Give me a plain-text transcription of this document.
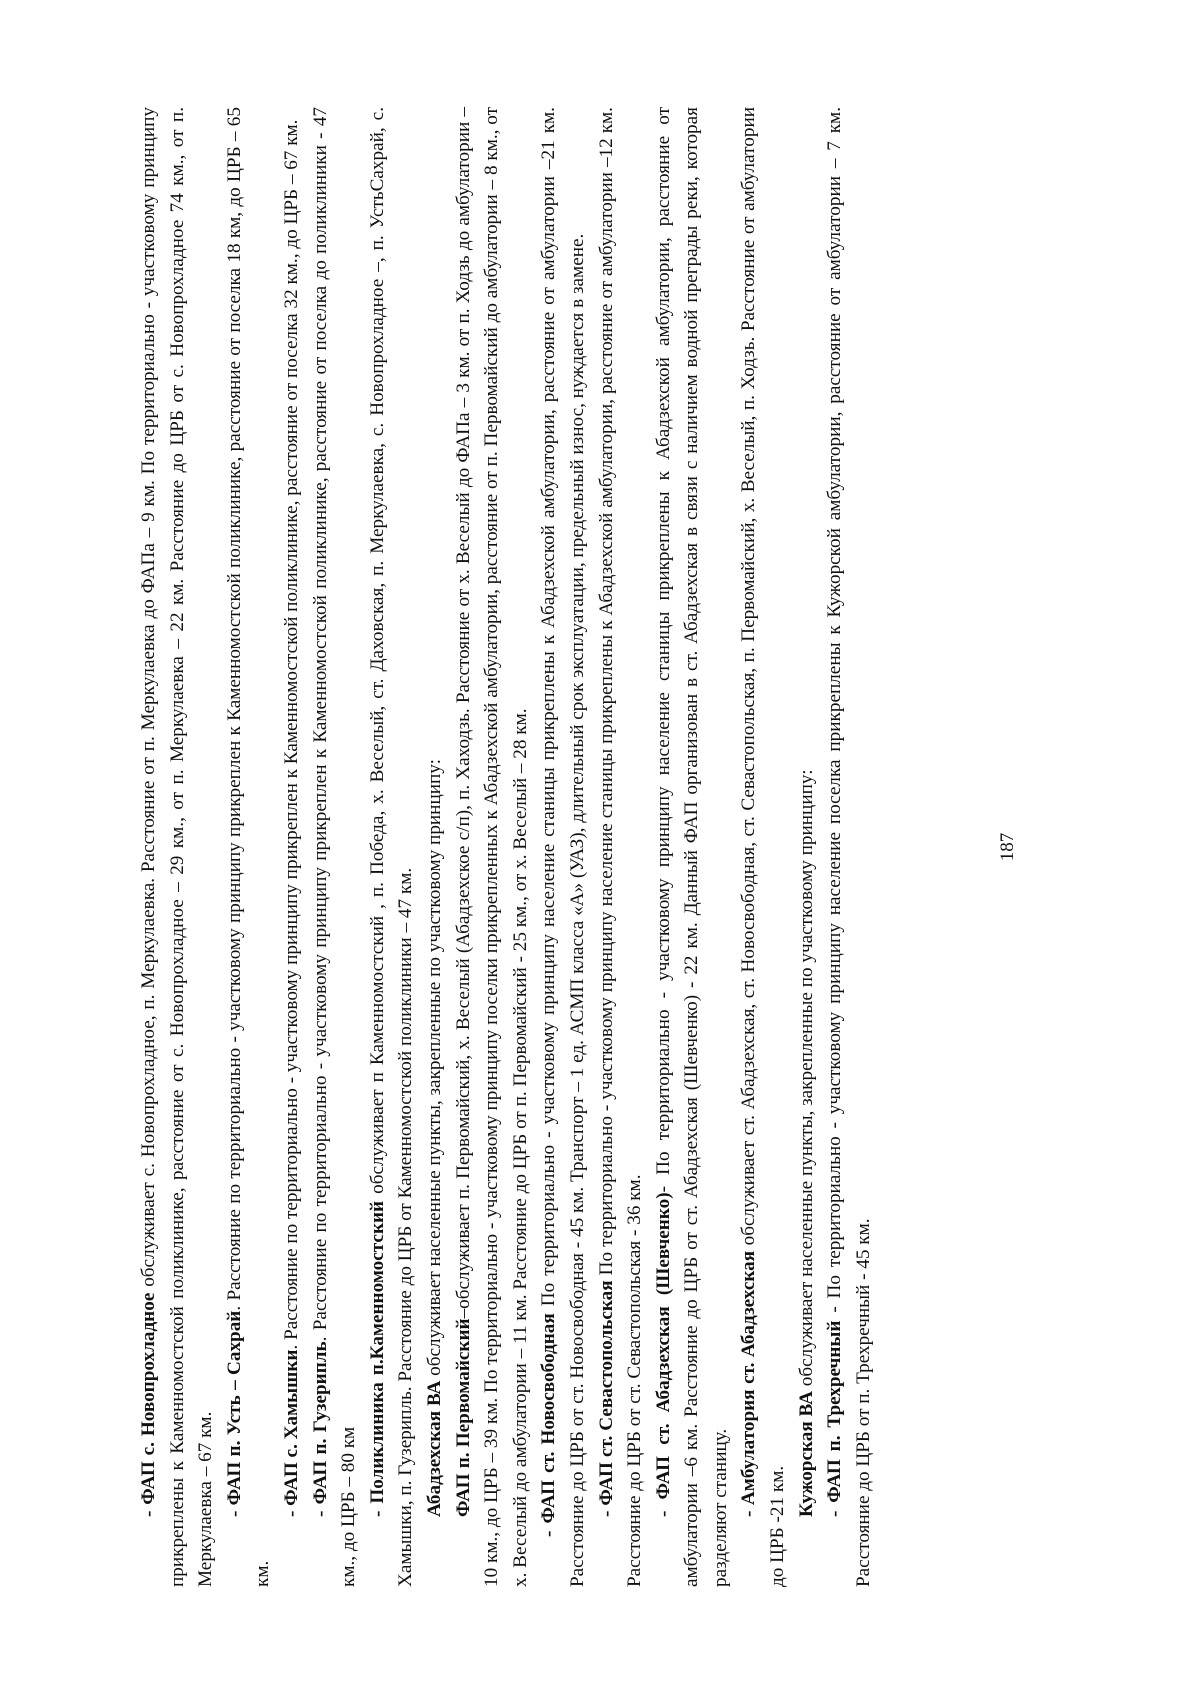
- ФАП с. Новопрохладное обслуживает с. Новопрохладное, п. Меркулаевка. Расстояние от п. Меркулаевка до ФАПа – 9 км. По территориально - участковому принципу прикреплены к Каменномостской поликлинике, расстояние от с. Новопрохладное – 29 км., от п. Меркулаевка – 22 км. Расстояние до ЦРБ от с. Новопрохладное 74 км., от п. Меркулаевка – 67 км. - ФАП п. Усть – Сахрай. Расстояние по территориально - участковому принципу прикреплен к Каменномостской поликлинике, расстояние от поселка 18 км, до ЦРБ – 65 км.

- ФАП с. Хамышки. Расстояние по территориально - участковому принципу прикреплен к Каменномостской поликлинике, расстояние от поселка 32 км., до ЦРБ – 67 км.

- ФАП п. Гузерипль. Расстояние по территориально - участковому принципу прикреплен к Каменномостской поликлинике, расстояние от поселка до поликлиники - 47 км., до ЦРБ – 80 км - Поликлиника п.Каменномостский обслуживает п Каменномостский , п. Победа, х. Веселый, ст. Даховская, п. Меркулаевка, с. Новопрохладное –, п. УстьСахрай, с. Хамышки, п. Гузерипль. Расстояние до ЦРБ от Каменномостской поликлиники – 47 км. Абадзехская ВА обслуживает населенные пункты, закрепленные по участковому принципу:

ФАП п. Первомайский–обслуживает п. Первомайский, х. Веселый (Абадзехское с/п), п. Хаходзь. Расстояние от х. Веселый до ФАПа – 3 км. от п. Ходзь до амбулатории – 10 км., до ЦРБ – 39 км. По территориально - участковому принципу поселки прикрепленных к Абадзехской амбулатории, расстояние от п. Первомайский до амбулатории – 8 км., от х. Веселый до амбулатории – 11 км. Расстояние до ЦРБ от п. Первомайский - 25 км., от х. Веселый – 28 км. - ФАП ст. Новосвободная По территориально - участковому принципу население станицы прикреплены к Абадзехской амбулатории, расстояние от амбулатории –21 км. Расстояние до ЦРБ от ст. Новосвободная - 45 км. Транспорт – 1 ед. АСМП класса «А» (УАЗ), длительный срок эксплуатации, предельный износ, нуждается в замене. - ФАП ст. Севастопольская По территориально - участковому принципу население станицы прикреплены к Абадзехской амбулатории, расстояние от амбулатории –12 км. Расстояние до ЦРБ от ст. Севастопольская - 36 км. - ФАП ст. Абадзехская (Шевченко)- По территориально - участковому принципу население станицы прикреплены к Абадзехской амбулатории, расстояние от амбулатории –6 км. Расстояние до ЦРБ от ст. Абадзехская (Шевченко) - 22 км. Данный ФАП организован в ст. Абадзехская в связи с наличием водной преграды реки, которая разделяют станицу. - Амбулатория ст. Абадзехская обслуживает ст. Абадзехская, ст. Новосвободная, ст. Севастопольская, п. Первомайский, х. Веселый, п. Ходзь. Расстояние от амбулатории до ЦРБ -21 км.

Кужорская ВА обслуживает населенные пункты, закрепленные по участковому принципу:

- ФАП п. Трехречный - По территориально - участковому принципу население поселка прикреплены к Кужорской амбулатории, расстояние от амбулатории – 7 км. Расстояние до ЦРБ от п. Трехречный - 45 км.

187
